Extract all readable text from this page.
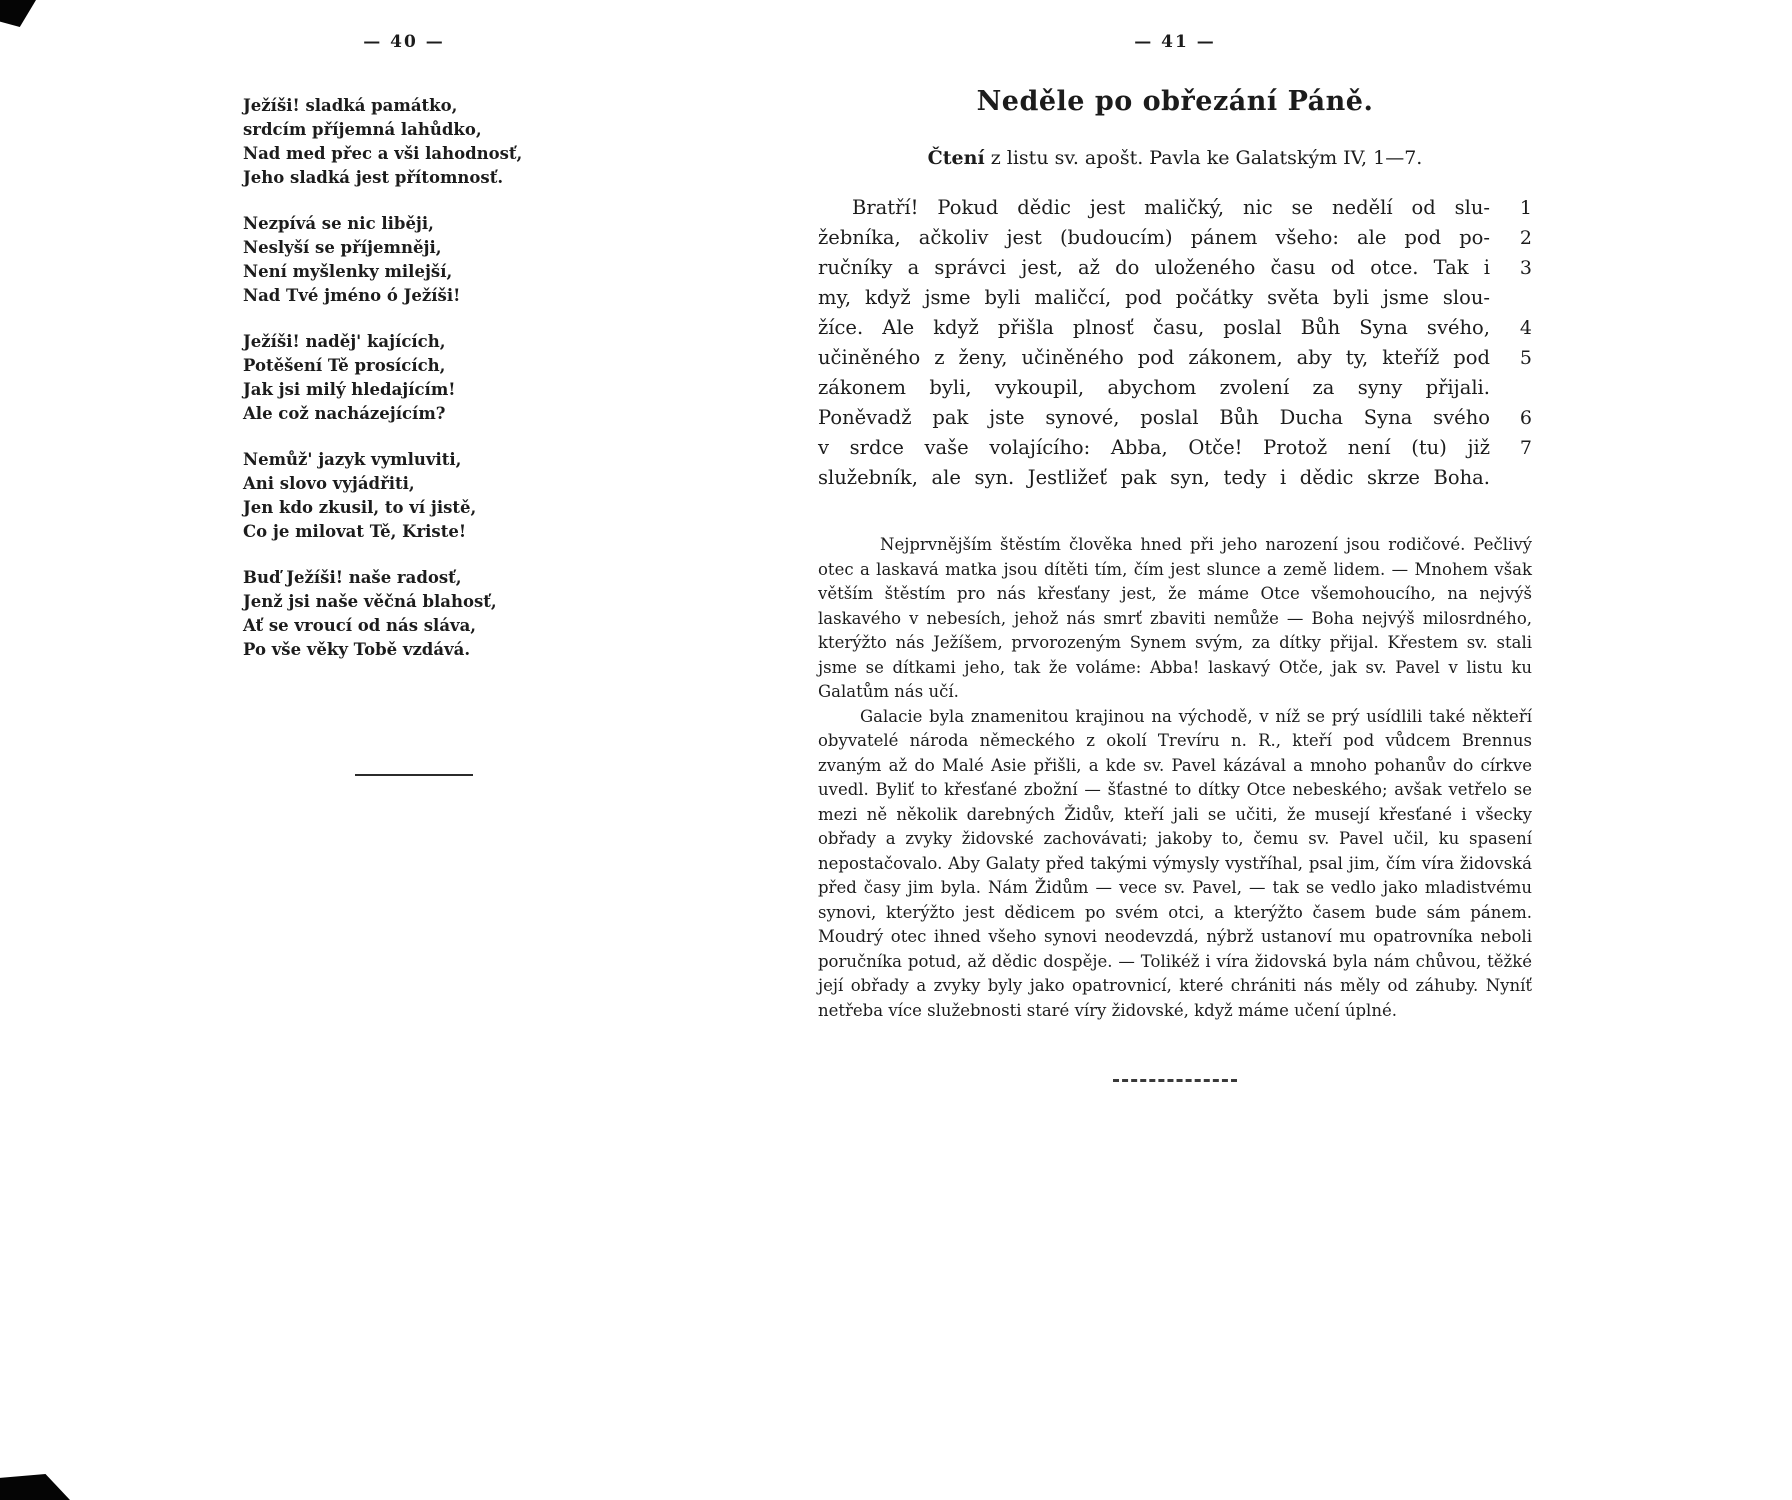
— 40 —
Ježíši! sladká památko,
srdcím příjemná lahůdko,
Nad med přec a vši lahodnosť,
Jeho sladká jest přítomnosť.
Nezpívá se nic liběji,
Neslyší se příjemněji,
Není myšlenky milejší,
Nad Tvé jméno ó Ježíši!
Ježíši! naděj' kajících,
Potěšení Tě prosících,
Jak jsi milý hledajícím!
Ale což nacházejícím?
Nemůž' jazyk vymluviti,
Ani slovo vyjádřiti,
Jen kdo zkusil, to ví jistě,
Co je milovat Tě, Kriste!
Buď Ježíši! naše radosť,
Jenž jsi naše věčná blahosť,
Ať se vroucí od nás sláva,
Po vše věky Tobě vzdává.
— 41 —
Neděle po obřezání Páně.
Čtení z listu sv. apošt. Pavla ke Galatským IV, 1—7.
Bratří! Pokud dědic jest maličký, nic se nedělí od slu-	1
žebníka, ačkoliv jest (budoucím) pánem všeho: ale pod po-	2
ručníky a správci jest, až do uloženého času od otce. Tak i	3
my, když jsme byli maličcí, pod počátky světa byli jsme slou-
žíce. Ale když přišla plnosť času, poslal Bůh Syna svého,	4
učiněného z ženy, učiněného pod zákonem, aby ty, kteříž pod	5
zákonem byli, vykoupil, abychom zvolení za syny přijali.
Poněvadž pak jste synové, poslal Bůh Ducha Syna svého	6
v srdce vaše volajícího: Abba, Otče! Protož není (tu) již	7
služebník, ale syn. Jestližeť pak syn, tedy i dědic skrze Boha.

Nejprvnějším štěstím člověka hned při jeho narození jsou rodičové. Pečlivý otec a laskavá matka jsou dítěti tím, čím jest slunce a země lidem. — Mnohem však větším štěstím pro nás křesťany jest, že máme Otce všemohoucího, na nejvýš laskavého v nebesích, jehož nás smrť zbaviti nemůže — Boha nejvýš milosrdného, kterýžto nás Ježíšem, prvorozeným Synem svým, za dítky přijal. Křestem sv. stali jsme se dítkami jeho, tak že voláme: Abba! laskavý Otče, jak sv. Pavel v listu ku Galatům nás učí.

Galacie byla znamenitou krajinou na východě, v níž se prý usídlili také někteří obyvatelé národa německého z okolí Trevíru n. R., kteří pod vůdcem Brennus zvaným až do Malé Asie přišli, a kde sv. Pavel kázával a mnoho pohanův do církve uvedl. Byliť to křesťané zbožní — šťastné to dítky Otce nebeského; avšak vetřelo se mezi ně několik darebných Židův, kteří jali se učiti, že musejí křesťané i všecky obřady a zvyky židovské zachovávati; jakoby to, čemu sv. Pavel učil, ku spasení nepostačovalo. Aby Galaty před takými výmysly vystříhal, psal jim, čím víra židovská před časy jim byla. Nám Židům — vece sv. Pavel, — tak se vedlo jako mladistvému synovi, kterýžto jest dědicem po svém otci, a kterýžto časem bude sám pánem. Moudrý otec ihned všeho synovi neodevzdá, nýbrž ustanoví mu opatrovníka neboli poručníka potud, až dědic dospěje. — Tolikéž i víra židovská byla nám chůvou, těžké její obřady a zvyky byly jako opatrovnicí, které chrániti nás měly od záhuby. Nyníť netřeba více služebnosti staré víry židovské, když máme učení úplné.
